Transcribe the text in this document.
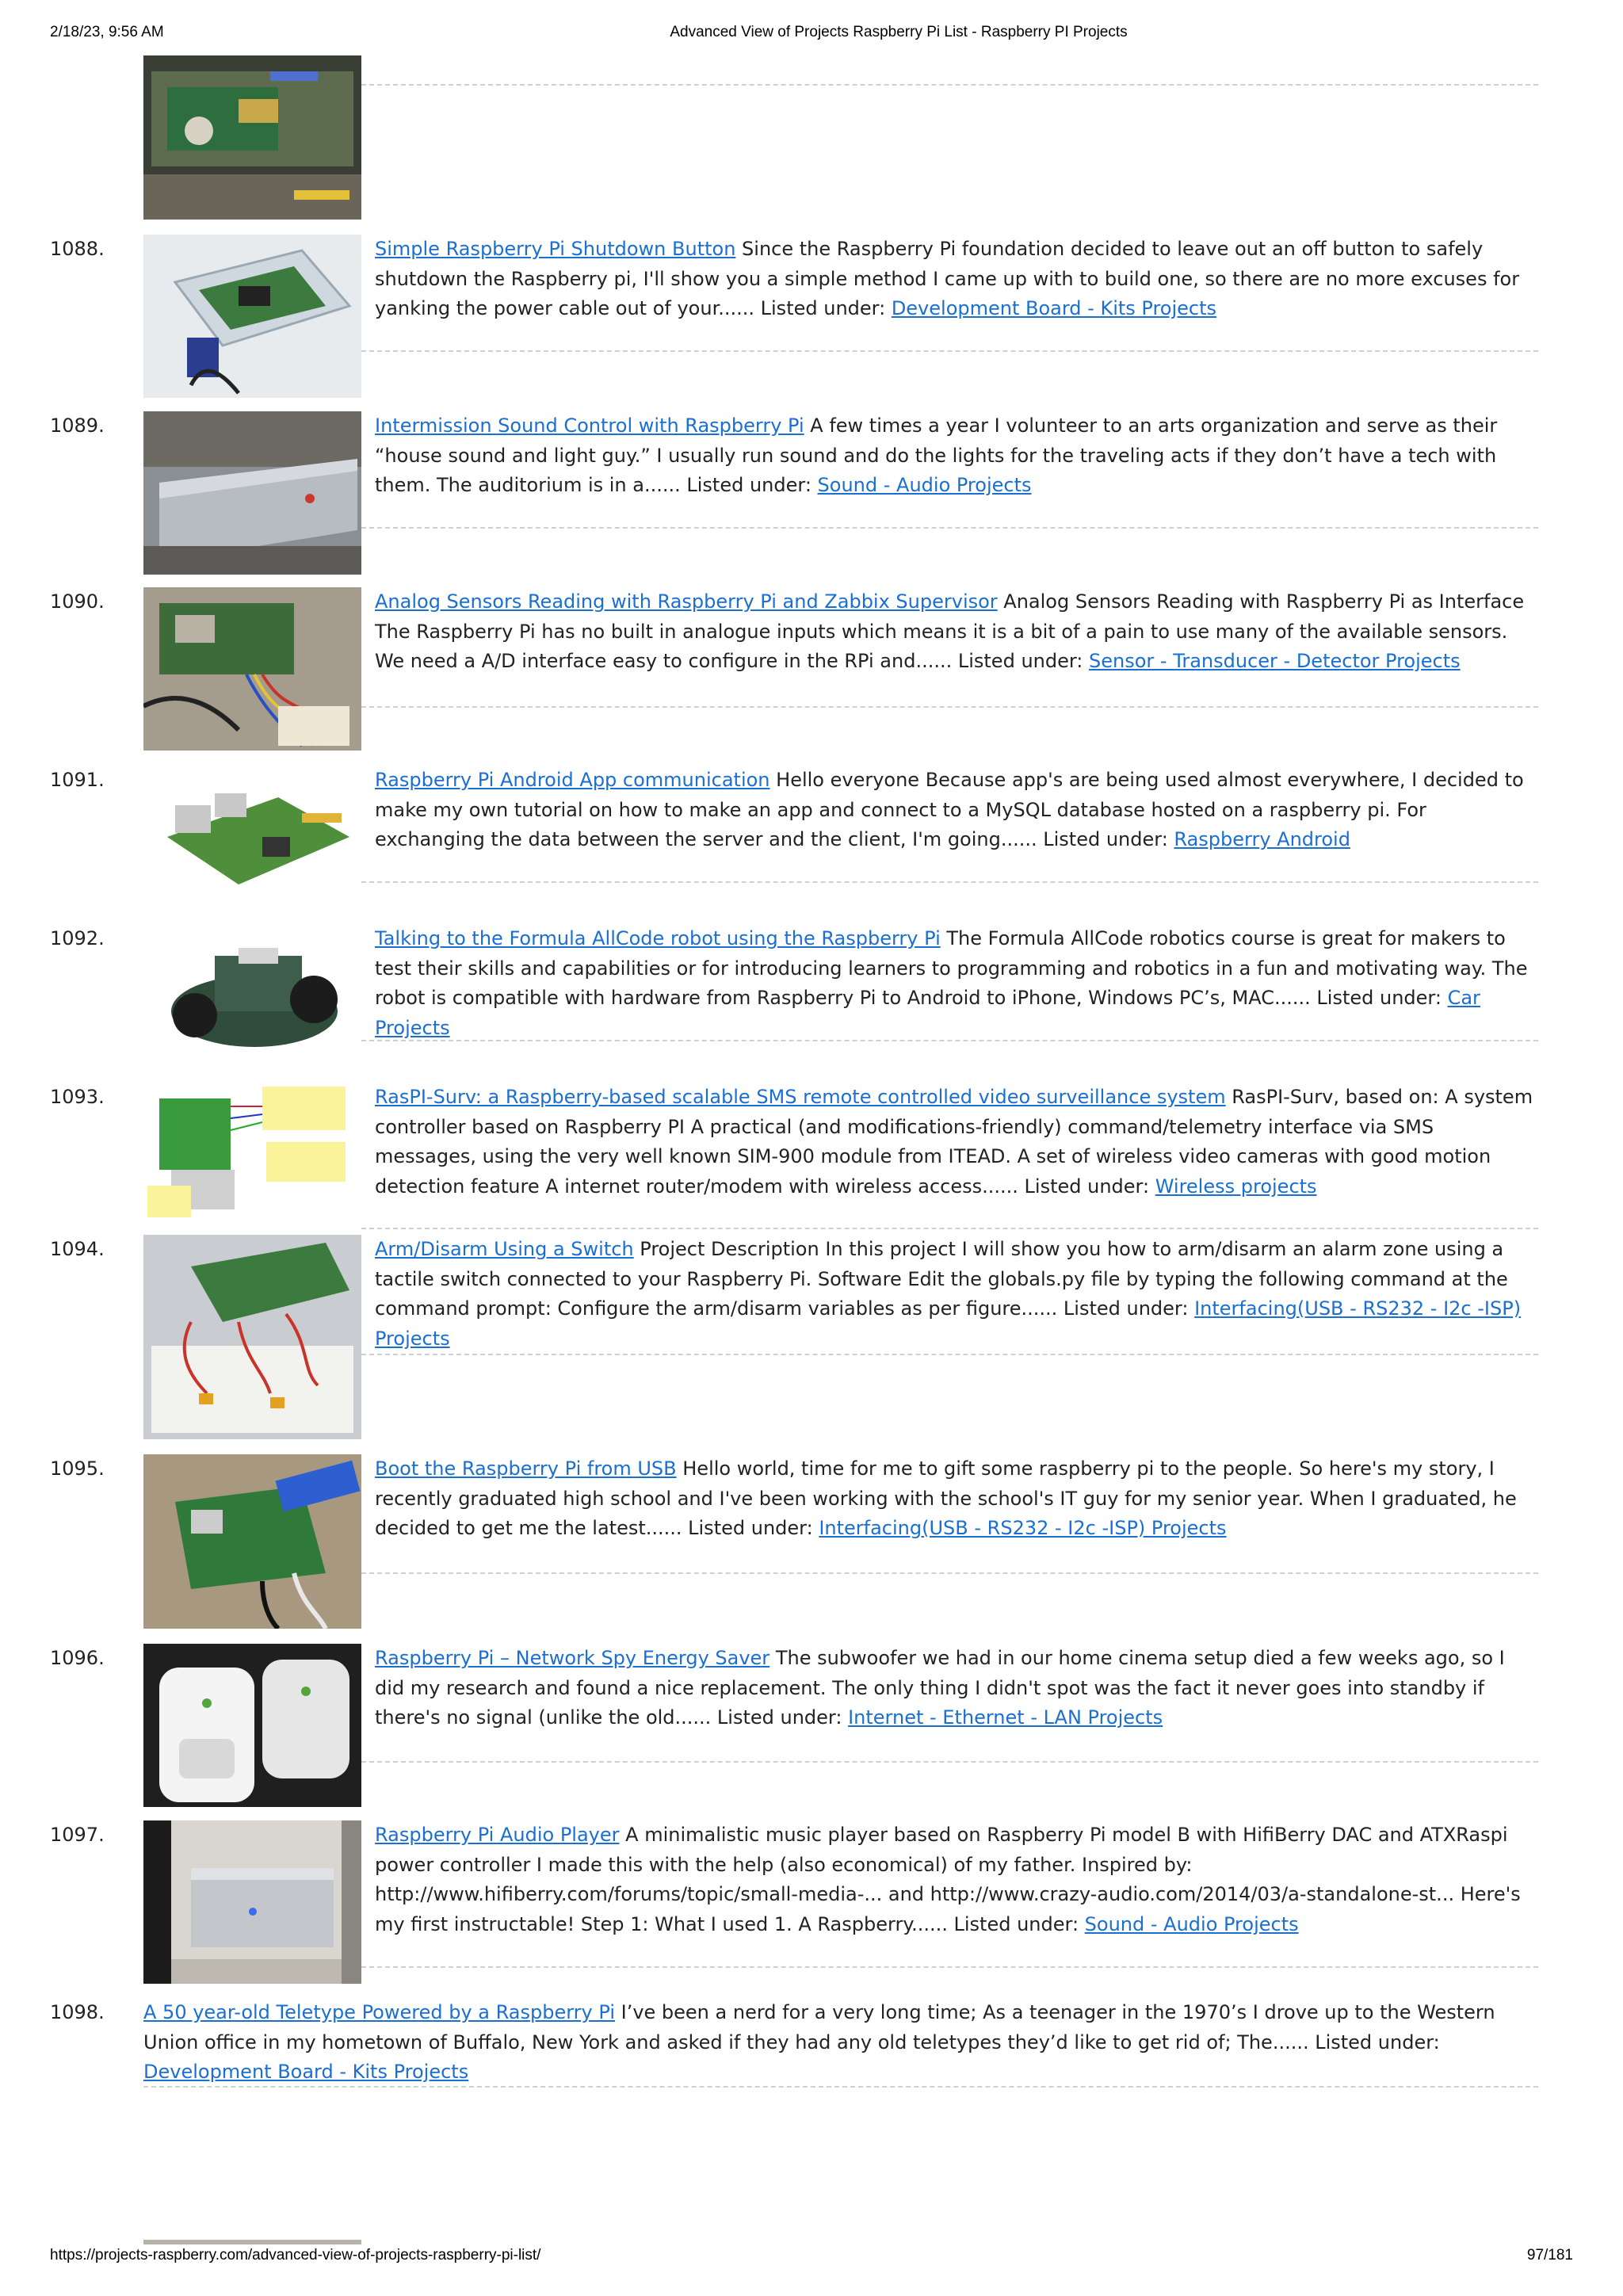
2/18/23, 9:56 AM	Advanced View of Projects Raspberry Pi List - Raspberry PI Projects
1088.	Simple Raspberry Pi Shutdown Button Since the Raspberry Pi foundation decided to leave out an off button to safely shutdown the Raspberry pi, I'll show you a simple method I came up with to build one, so there are no more excuses for yanking the power cable out of your...... Listed under: Development Board - Kits Projects
1089.	Intermission Sound Control with Raspberry Pi A few times a year I volunteer to an arts organization and serve as their “house sound and light guy.” I usually run sound and do the lights for the traveling acts if they don’t have a tech with them. The auditorium is in a...... Listed under: Sound - Audio Projects
1090.	Analog Sensors Reading with Raspberry Pi and Zabbix Supervisor Analog Sensors Reading with Raspberry Pi as Interface The Raspberry Pi has no built in analogue inputs which means it is a bit of a pain to use many of the available sensors. We need a A/D interface easy to configure in the RPi and...... Listed under: Sensor - Transducer - Detector Projects
1091.	Raspberry Pi Android App communication Hello everyone Because app's are being used almost everywhere, I decided to make my own tutorial on how to make an app and connect to a MySQL database hosted on a raspberry pi. For exchanging the data between the server and the client, I'm going...... Listed under: Raspberry Android
1092.	Talking to the Formula AllCode robot using the Raspberry Pi The Formula AllCode robotics course is great for makers to test their skills and capabilities or for introducing learners to programming and robotics in a fun and motivating way. The robot is compatible with hardware from Raspberry Pi to Android to iPhone, Windows PC’s, MAC...... Listed under: Car Projects
1093.	RasPI-Surv: a Raspberry-based scalable SMS remote controlled video surveillance system RasPI-Surv, based on: A system controller based on Raspberry PI A practical (and modifications-friendly) command/telemetry interface via SMS messages, using the very well known SIM-900 module from ITEAD. A set of wireless video cameras with good motion detection feature A internet router/modem with wireless access...... Listed under: Wireless projects
1094.	Arm/Disarm Using a Switch Project Description In this project I will show you how to arm/disarm an alarm zone using a tactile switch connected to your Raspberry Pi. Software Edit the globals.py file by typing the following command at the command prompt: Configure the arm/disarm variables as per figure...... Listed under: Interfacing(USB - RS232 - I2c -ISP) Projects
1095.	Boot the Raspberry Pi from USB Hello world, time for me to gift some raspberry pi to the people. So here's my story, I recently graduated high school and I've been working with the school's IT guy for my senior year. When I graduated, he decided to get me the latest...... Listed under: Interfacing(USB - RS232 - I2c -ISP) Projects
1096.	Raspberry Pi – Network Spy Energy Saver The subwoofer we had in our home cinema setup died a few weeks ago, so I did my research and found a nice replacement. The only thing I didn't spot was the fact it never goes into standby if there's no signal (unlike the old...... Listed under: Internet - Ethernet - LAN Projects
1097.	Raspberry Pi Audio Player A minimalistic music player based on Raspberry Pi model B with HifiBerry DAC and ATXRaspi power controller I made this with the help (also economical) of my father. Inspired by: http://www.hifiberry.com/forums/topic/small-media-... and http://www.crazy-audio.com/2014/03/a-standalone-st... Here's my first instructable! Step 1: What I used 1. A Raspberry...... Listed under: Sound - Audio Projects
1098.	A 50 year-old Teletype Powered by a Raspberry Pi I’ve been a nerd for a very long time; As a teenager in the 1970’s I drove up to the Western Union office in my hometown of Buffalo, New York and asked if they had any old teletypes they’d like to get rid of; The...... Listed under: Development Board - Kits Projects
https://projects-raspberry.com/advanced-view-of-projects-raspberry-pi-list/	97/181
